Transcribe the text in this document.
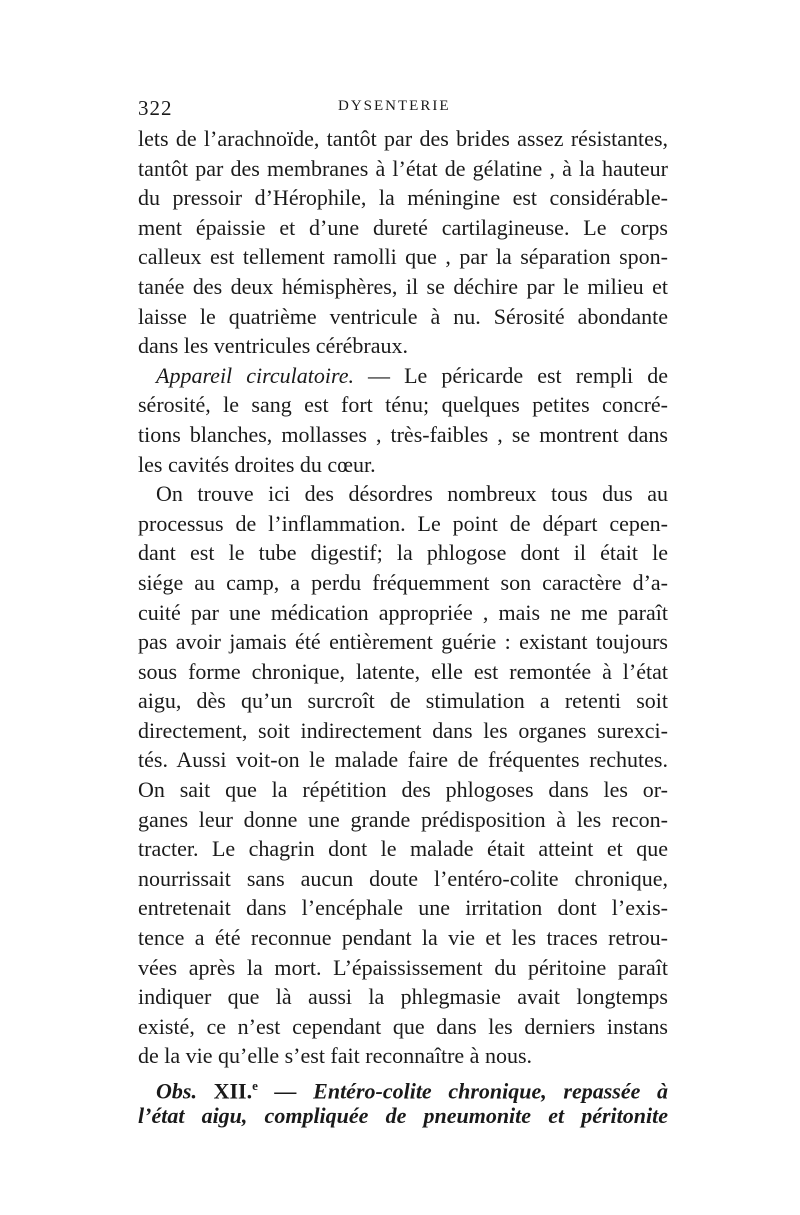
322	DYSENTERIE
lets de l’arachnoïde, tantôt par des brides assez résistantes,
tantôt par des membranes à l’état de gélatine , à la hauteur
du pressoir d’Hérophile, la méningine est considérable-
ment épaissie et d’une dureté cartilagineuse. Le corps
calleux est tellement ramolli que , par la séparation spon-
tanée des deux hémisphères, il se déchire par le milieu et
laisse le quatrième ventricule à nu. Sérosité abondante
dans les ventricules cérébraux.
Appareil circulatoire. — Le péricarde est rempli de
sérosité, le sang est fort ténu; quelques petites concré-
tions blanches, mollasses , très-faibles , se montrent dans
les cavités droites du cœur.
On trouve ici des désordres nombreux tous dus au
processus de l’inflammation. Le point de départ cepen-
dant est le tube digestif; la phlogose dont il était le
siége au camp, a perdu fréquemment son caractère d’a-
cuité par une médication appropriée , mais ne me paraît
pas avoir jamais été entièrement guérie : existant toujours
sous forme chronique, latente, elle est remontée à l’état
aigu, dès qu’un surcroît de stimulation a retenti soit
directement, soit indirectement dans les organes surexci-
tés. Aussi voit-on le malade faire de fréquentes rechutes.
On sait que la répétition des phlogoses dans les or-
ganes leur donne une grande prédisposition à les recon-
tracter. Le chagrin dont le malade était atteint et que
nourrissait sans aucun doute l’entéro-colite chronique,
entretenait dans l’encéphale une irritation dont l’exis-
tence a été reconnue pendant la vie et les traces retrou-
vées après la mort. L’épaississement du péritoine paraît
indiquer que là aussi la phlegmasie avait longtemps
existé, ce n’est cependant que dans les derniers instans
de la vie qu’elle s’est fait reconnaître à nous.
Obs. XII.$^e$ — Entéro-colite chronique, repassée à
l’état aigu, compliquée de pneumonite et péritonite
